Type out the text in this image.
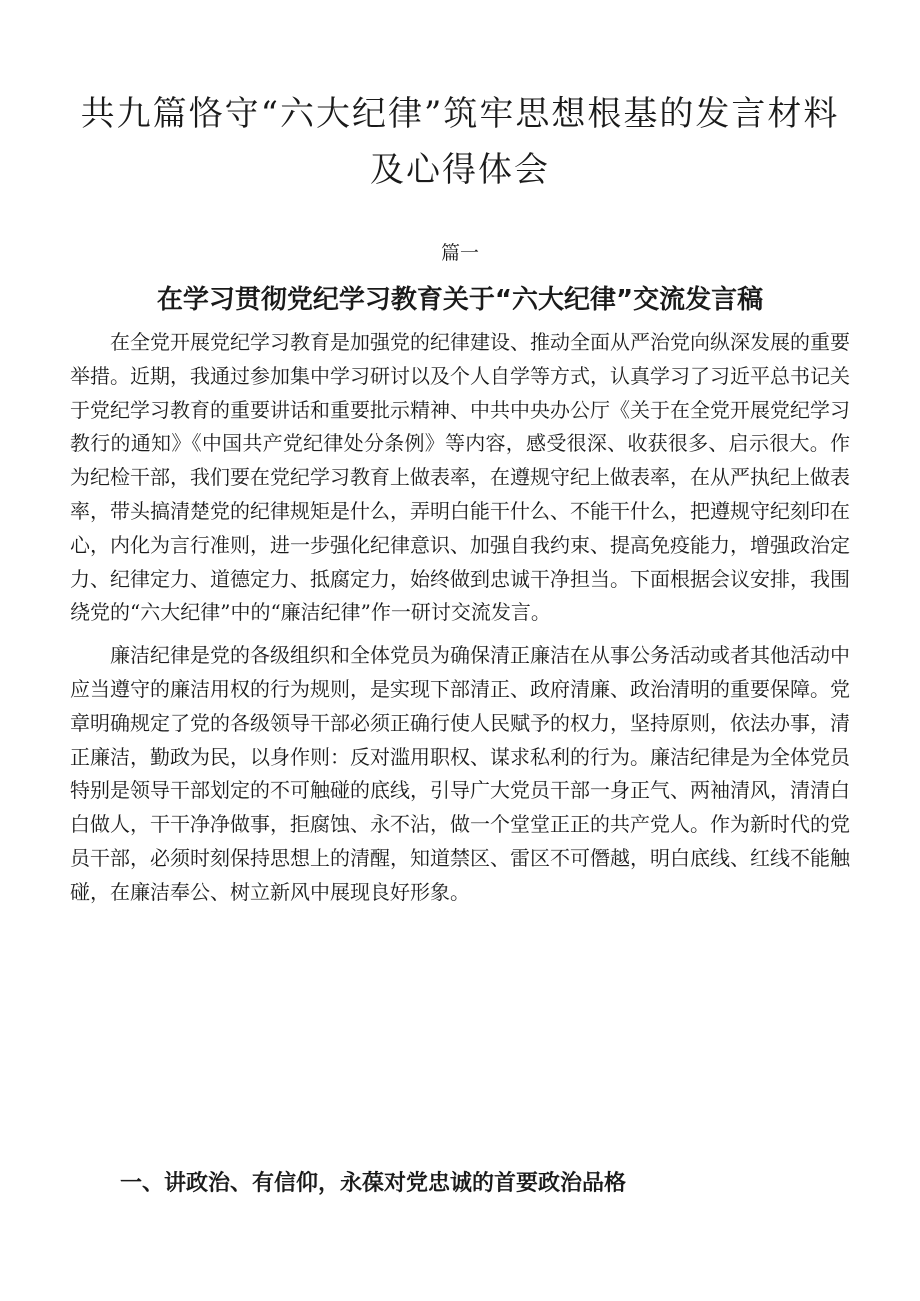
共九篇恪守“六大纪律”筑牢思想根基的发言材料及心得体会
篇一
在学习贯彻党纪学习教育关于“六大纪律”交流发言稿

在全党开展党纪学习教育是加强党的纪律建设、推动全面从严治党向纵深发展的重要举措。近期，我通过参加集中学习研讨以及个人自学等方式，认真学习了习近平总书记关于党纪学习教育的重要讲话和重要批示精神、中共中央办公厅《关于在全党开展党纪学习教行的通知》《中国共产党纪律处分条例》等内容，感受很深、收获很多、启示很大。作为纪检干部，我们要在党纪学习教育上做表率，在遵规守纪上做表率，在从严执纪上做表率，带头搞清楚党的纪律规矩是什么，弄明白能干什么、不能干什么，把遵规守纪刻印在心，内化为言行准则，进一步强化纪律意识、加强自我约束、提高免疫能力，增强政治定力、纪律定力、道德定力、抵腐定力，始终做到忠诚干净担当。下面根据会议安排，我围绕党的“六大纪律”中的“廉洁纪律”作一研讨交流发言。

廉洁纪律是党的各级组织和全体党员为确保清正廉洁在从事公务活动或者其他活动中应当遵守的廉洁用权的行为规则，是实现下部清正、政府清廉、政治清明的重要保障。党章明确规定了党的各级领导干部必须正确行使人民赋予的权力，坚持原则，依法办事，清正廉洁，勤政为民，以身作则：反对滥用职权、谋求私利的行为。廉洁纪律是为全体党员特别是领导干部划定的不可触碰的底线，引导广大党员干部一身正气、两袖清风，清清白白做人，干干净净做事，拒腐蚀、永不沾，做一个堂堂正正的共产党人。作为新时代的党员干部，必须时刻保持思想上的清醒，知道禁区、雷区不可僭越，明白底线、红线不能触碰，在廉洁奉公、树立新风中展现良好形象。

一、讲政治、有信仰，永葆对党忠诚的首要政治品格
